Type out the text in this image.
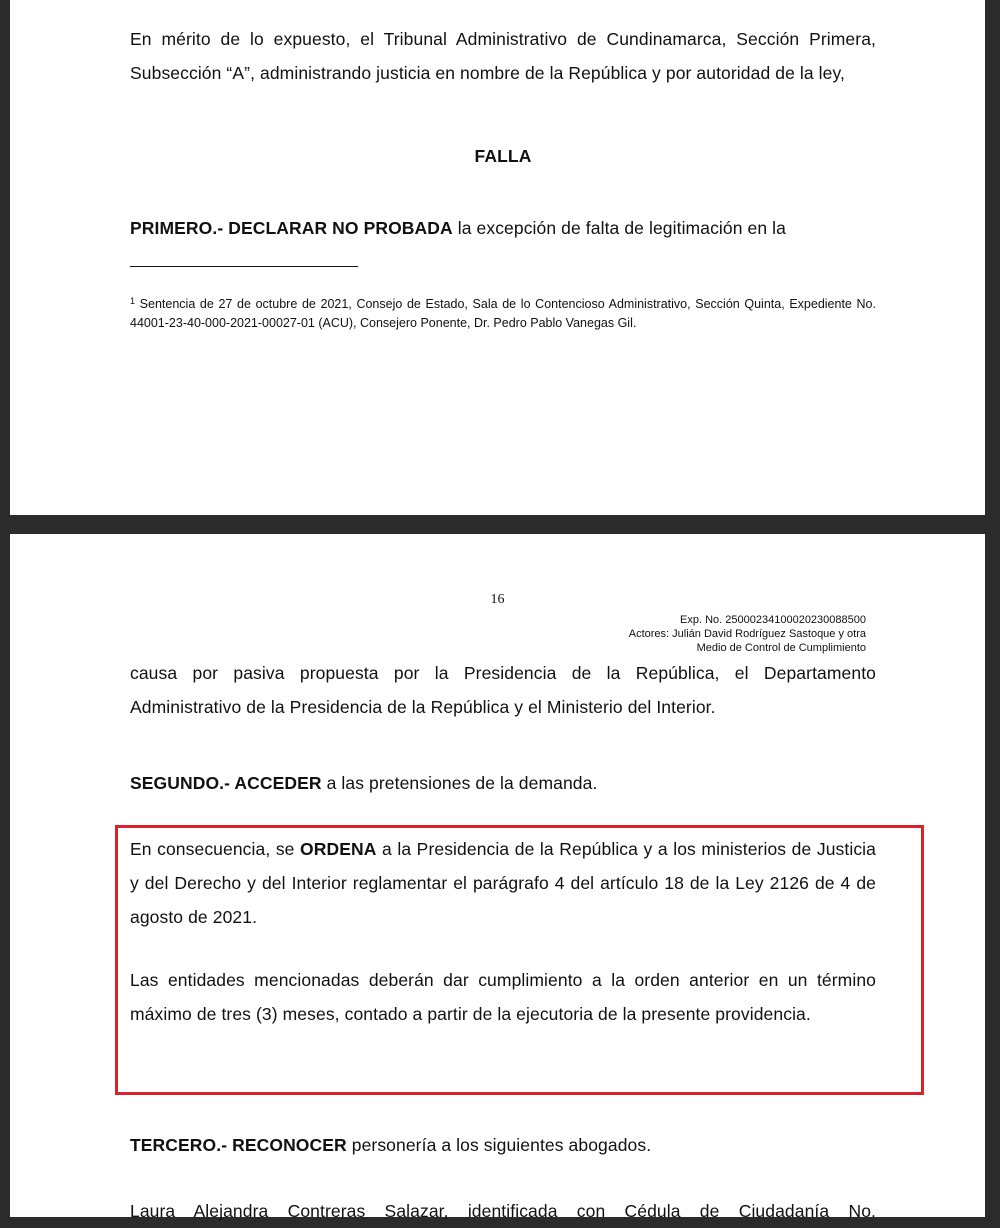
En mérito de lo expuesto, el Tribunal Administrativo de Cundinamarca, Sección Primera, Subsección “A”, administrando justicia en nombre de la República y por autoridad de la ley,
FALLA
PRIMERO.- DECLARAR NO PROBADA la excepción de falta de legitimación en la
$^1$ Sentencia de 27 de octubre de 2021, Consejo de Estado, Sala de lo Contencioso Administrativo, Sección Quinta, Expediente No. 44001-23-40-000-2021-00027-01 (ACU), Consejero Ponente, Dr. Pedro Pablo Vanegas Gil.
16
Exp. No. 25000234100020230088500
Actores: Julián David Rodríguez Sastoque y otra
Medio de Control de Cumplimiento
causa por pasiva propuesta por la Presidencia de la República, el Departamento Administrativo de la Presidencia de la República y el Ministerio del Interior.
SEGUNDO.- ACCEDER a las pretensiones de la demanda.
En consecuencia, se ORDENA a la Presidencia de la República y a los ministerios de Justicia y del Derecho y del Interior reglamentar el parágrafo 4 del artículo 18 de la Ley 2126 de 4 de agosto de 2021.
Las entidades mencionadas deberán dar cumplimiento a la orden anterior en un término máximo de tres (3) meses, contado a partir de la ejecutoria de la presente providencia.
TERCERO.- RECONOCER personería a los siguientes abogados.
Laura Alejandra Contreras Salazar, identificada con Cédula de Ciudadanía No.
